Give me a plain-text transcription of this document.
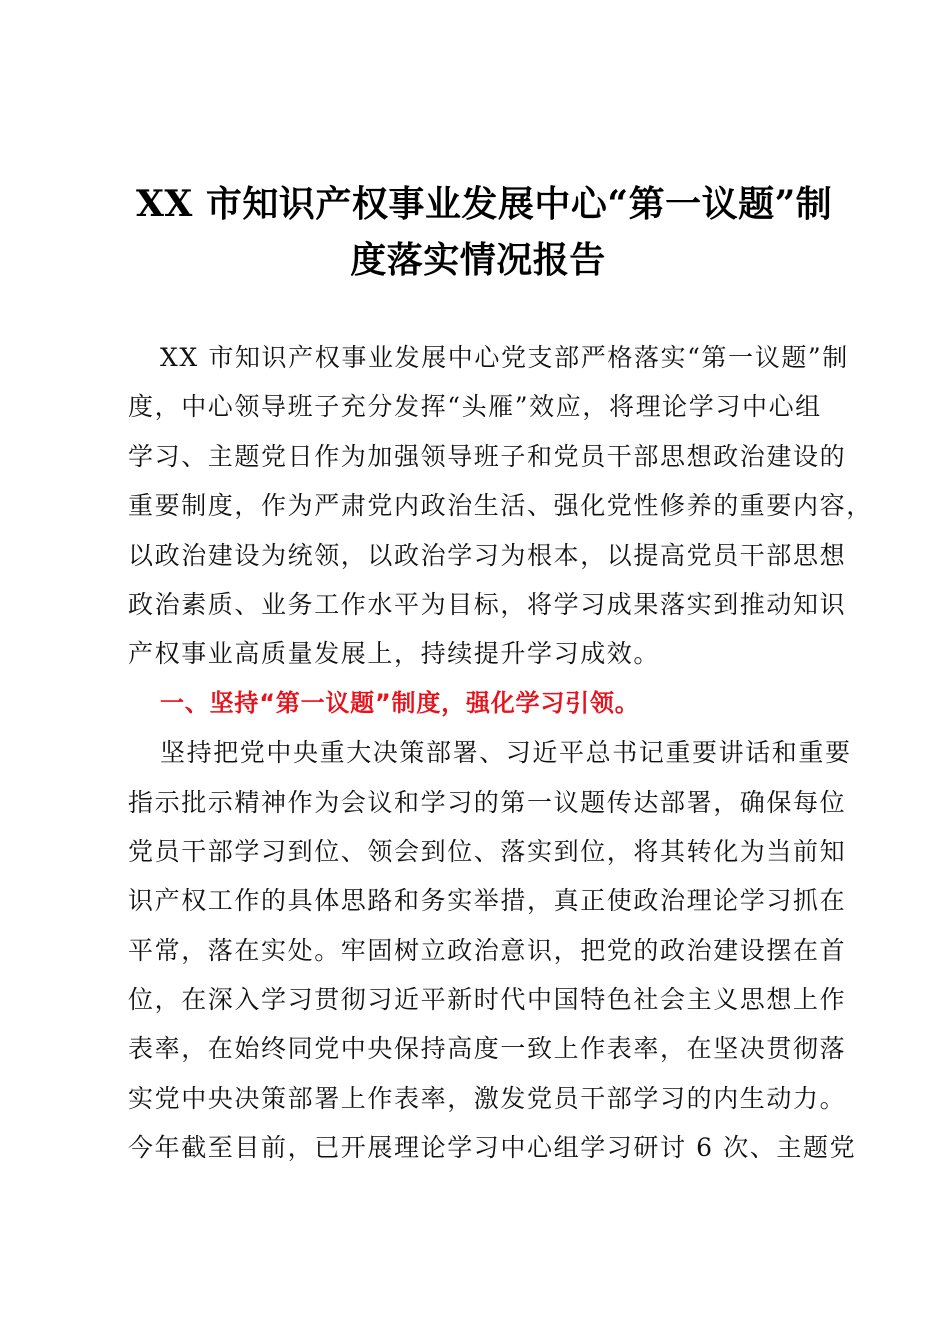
XX 市知识产权事业发展中心“第一议题”制
度落实情况报告
XX 市知识产权事业发展中心党支部严格落实“第一议题”制
度，中心领导班子充分发挥“头雁”效应，将理论学习中心组
学习、主题党日作为加强领导班子和党员干部思想政治建设的
重要制度，作为严肃党内政治生活、强化党性修养的重要内容，
以政治建设为统领，以政治学习为根本，以提高党员干部思想
政治素质、业务工作水平为目标，将学习成果落实到推动知识
产权事业高质量发展上，持续提升学习成效。
一、坚持“第一议题”制度，强化学习引领。
坚持把党中央重大决策部署、习近平总书记重要讲话和重要
指示批示精神作为会议和学习的第一议题传达部署，确保每位
党员干部学习到位、领会到位、落实到位，将其转化为当前知
识产权工作的具体思路和务实举措，真正使政治理论学习抓在
平常，落在实处。牢固树立政治意识，把党的政治建设摆在首
位，在深入学习贯彻习近平新时代中国特色社会主义思想上作
表率，在始终同党中央保持高度一致上作表率，在坚决贯彻落
实党中央决策部署上作表率，激发党员干部学习的内生动力。
今年截至目前，已开展理论学习中心组学习研讨 6 次、主题党
